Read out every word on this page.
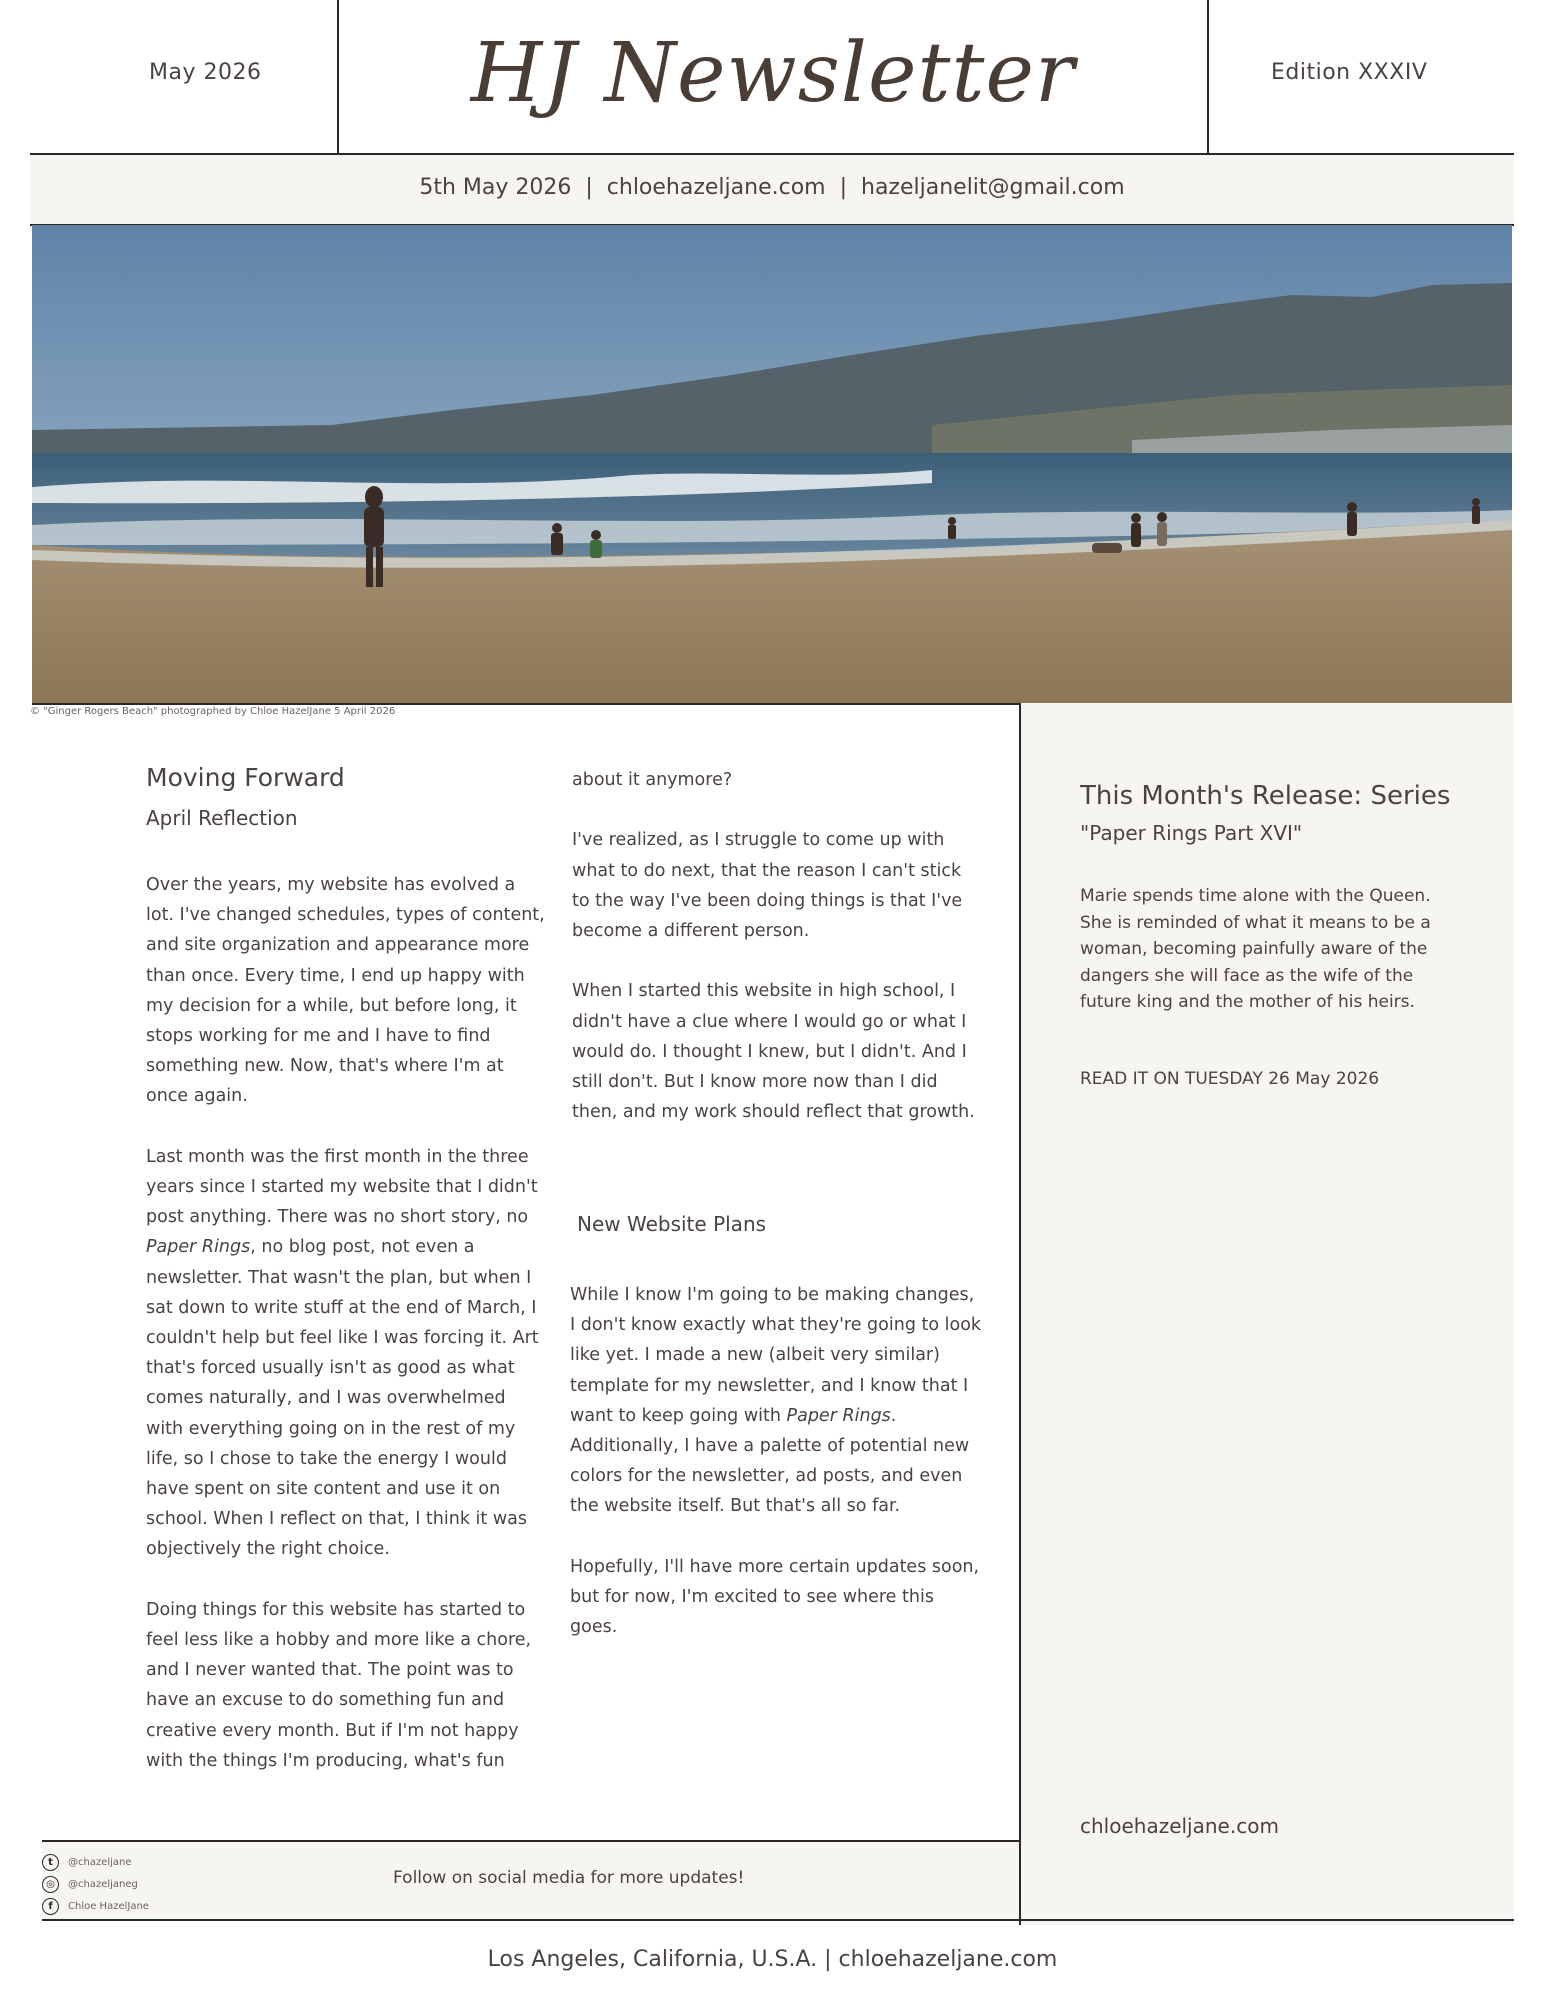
May 2026	HJ Newsletter	Edition XXXIV
5th May 2026  |  chloehazeljane.com  |  hazeljanelit@gmail.com
© "Ginger Rogers Beach" photographed by Chloe HazelJane 5 April 2026
Moving Forward
April Reflection

Over the years, my website has evolved a lot. I've changed schedules, types of content, and site organization and appearance more than once. Every time, I end up happy with my decision for a while, but before long, it stops working for me and I have to find something new. Now, that's where I'm at once again.

Last month was the first month in the three years since I started my website that I didn't post anything. There was no short story, no Paper Rings, no blog post, not even a newsletter. That wasn't the plan, but when I sat down to write stuff at the end of March, I couldn't help but feel like I was forcing it. Art that's forced usually isn't as good as what comes naturally, and I was overwhelmed with everything going on in the rest of my life, so I chose to take the energy I would have spent on site content and use it on school. When I reflect on that, I think it was objectively the right choice.

Doing things for this website has started to feel less like a hobby and more like a chore, and I never wanted that. The point was to have an excuse to do something fun and creative every month. But if I'm not happy with the things I'm producing, what's fun

about it anymore?

I've realized, as I struggle to come up with what to do next, that the reason I can't stick to the way I've been doing things is that I've become a different person.

When I started this website in high school, I didn't have a clue where I would go or what I would do. I thought I knew, but I didn't. And I still don't. But I know more now than I did then, and my work should reflect that growth.

New Website Plans

While I know I'm going to be making changes, I don't know exactly what they're going to look like yet. I made a new (albeit very similar) template for my newsletter, and I know that I want to keep going with Paper Rings. Additionally, I have a palette of potential new colors for the newsletter, ad posts, and even the website itself. But that's all so far.

Hopefully, I'll have more certain updates soon, but for now, I'm excited to see where this goes.

This Month's Release: Series
"Paper Rings Part XVI"
Marie spends time alone with the Queen. She is reminded of what it means to be a woman, becoming painfully aware of the dangers she will face as the wife of the future king and the mother of his heirs.
READ IT ON TUESDAY 26 May 2026
chloehazeljane.com
t	@chazeljane
◎	@chazeljaneg
f	Chloe HazelJane
Follow on social media for more updates!
Los Angeles, California, U.S.A. | chloehazeljane.com
